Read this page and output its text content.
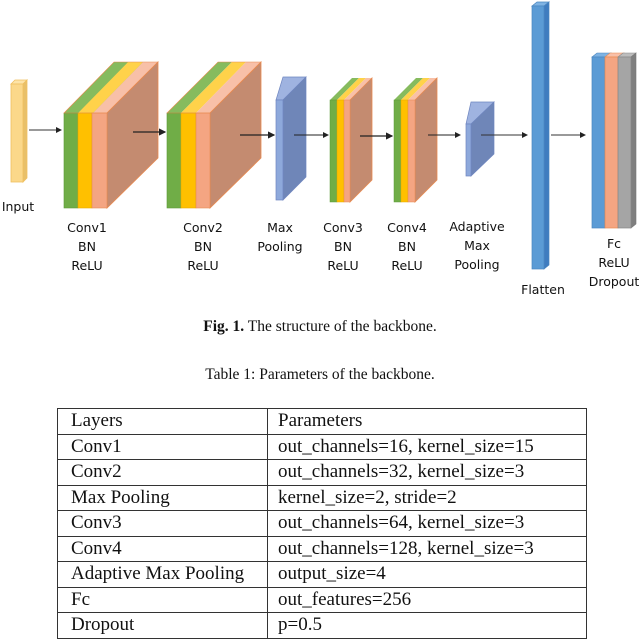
Input
Conv1
BN
ReLU
Conv2
BN
ReLU
Max
Pooling
Conv3
BN
ReLU
Conv4
BN
ReLU
Adaptive
Max
Pooling
Flatten
Fc
ReLU
Dropout
Fig. 1. The structure of the backbone.
Table 1: Parameters of the backbone.
Layers	Parameters
Conv1	out_channels=16, kernel_size=15
Conv2	out_channels=32, kernel_size=3
Max Pooling	kernel_size=2, stride=2
Conv3	out_channels=64, kernel_size=3
Conv4	out_channels=128, kernel_size=3
Adaptive Max Pooling	output_size=4
Fc	out_features=256
Dropout	p=0.5
